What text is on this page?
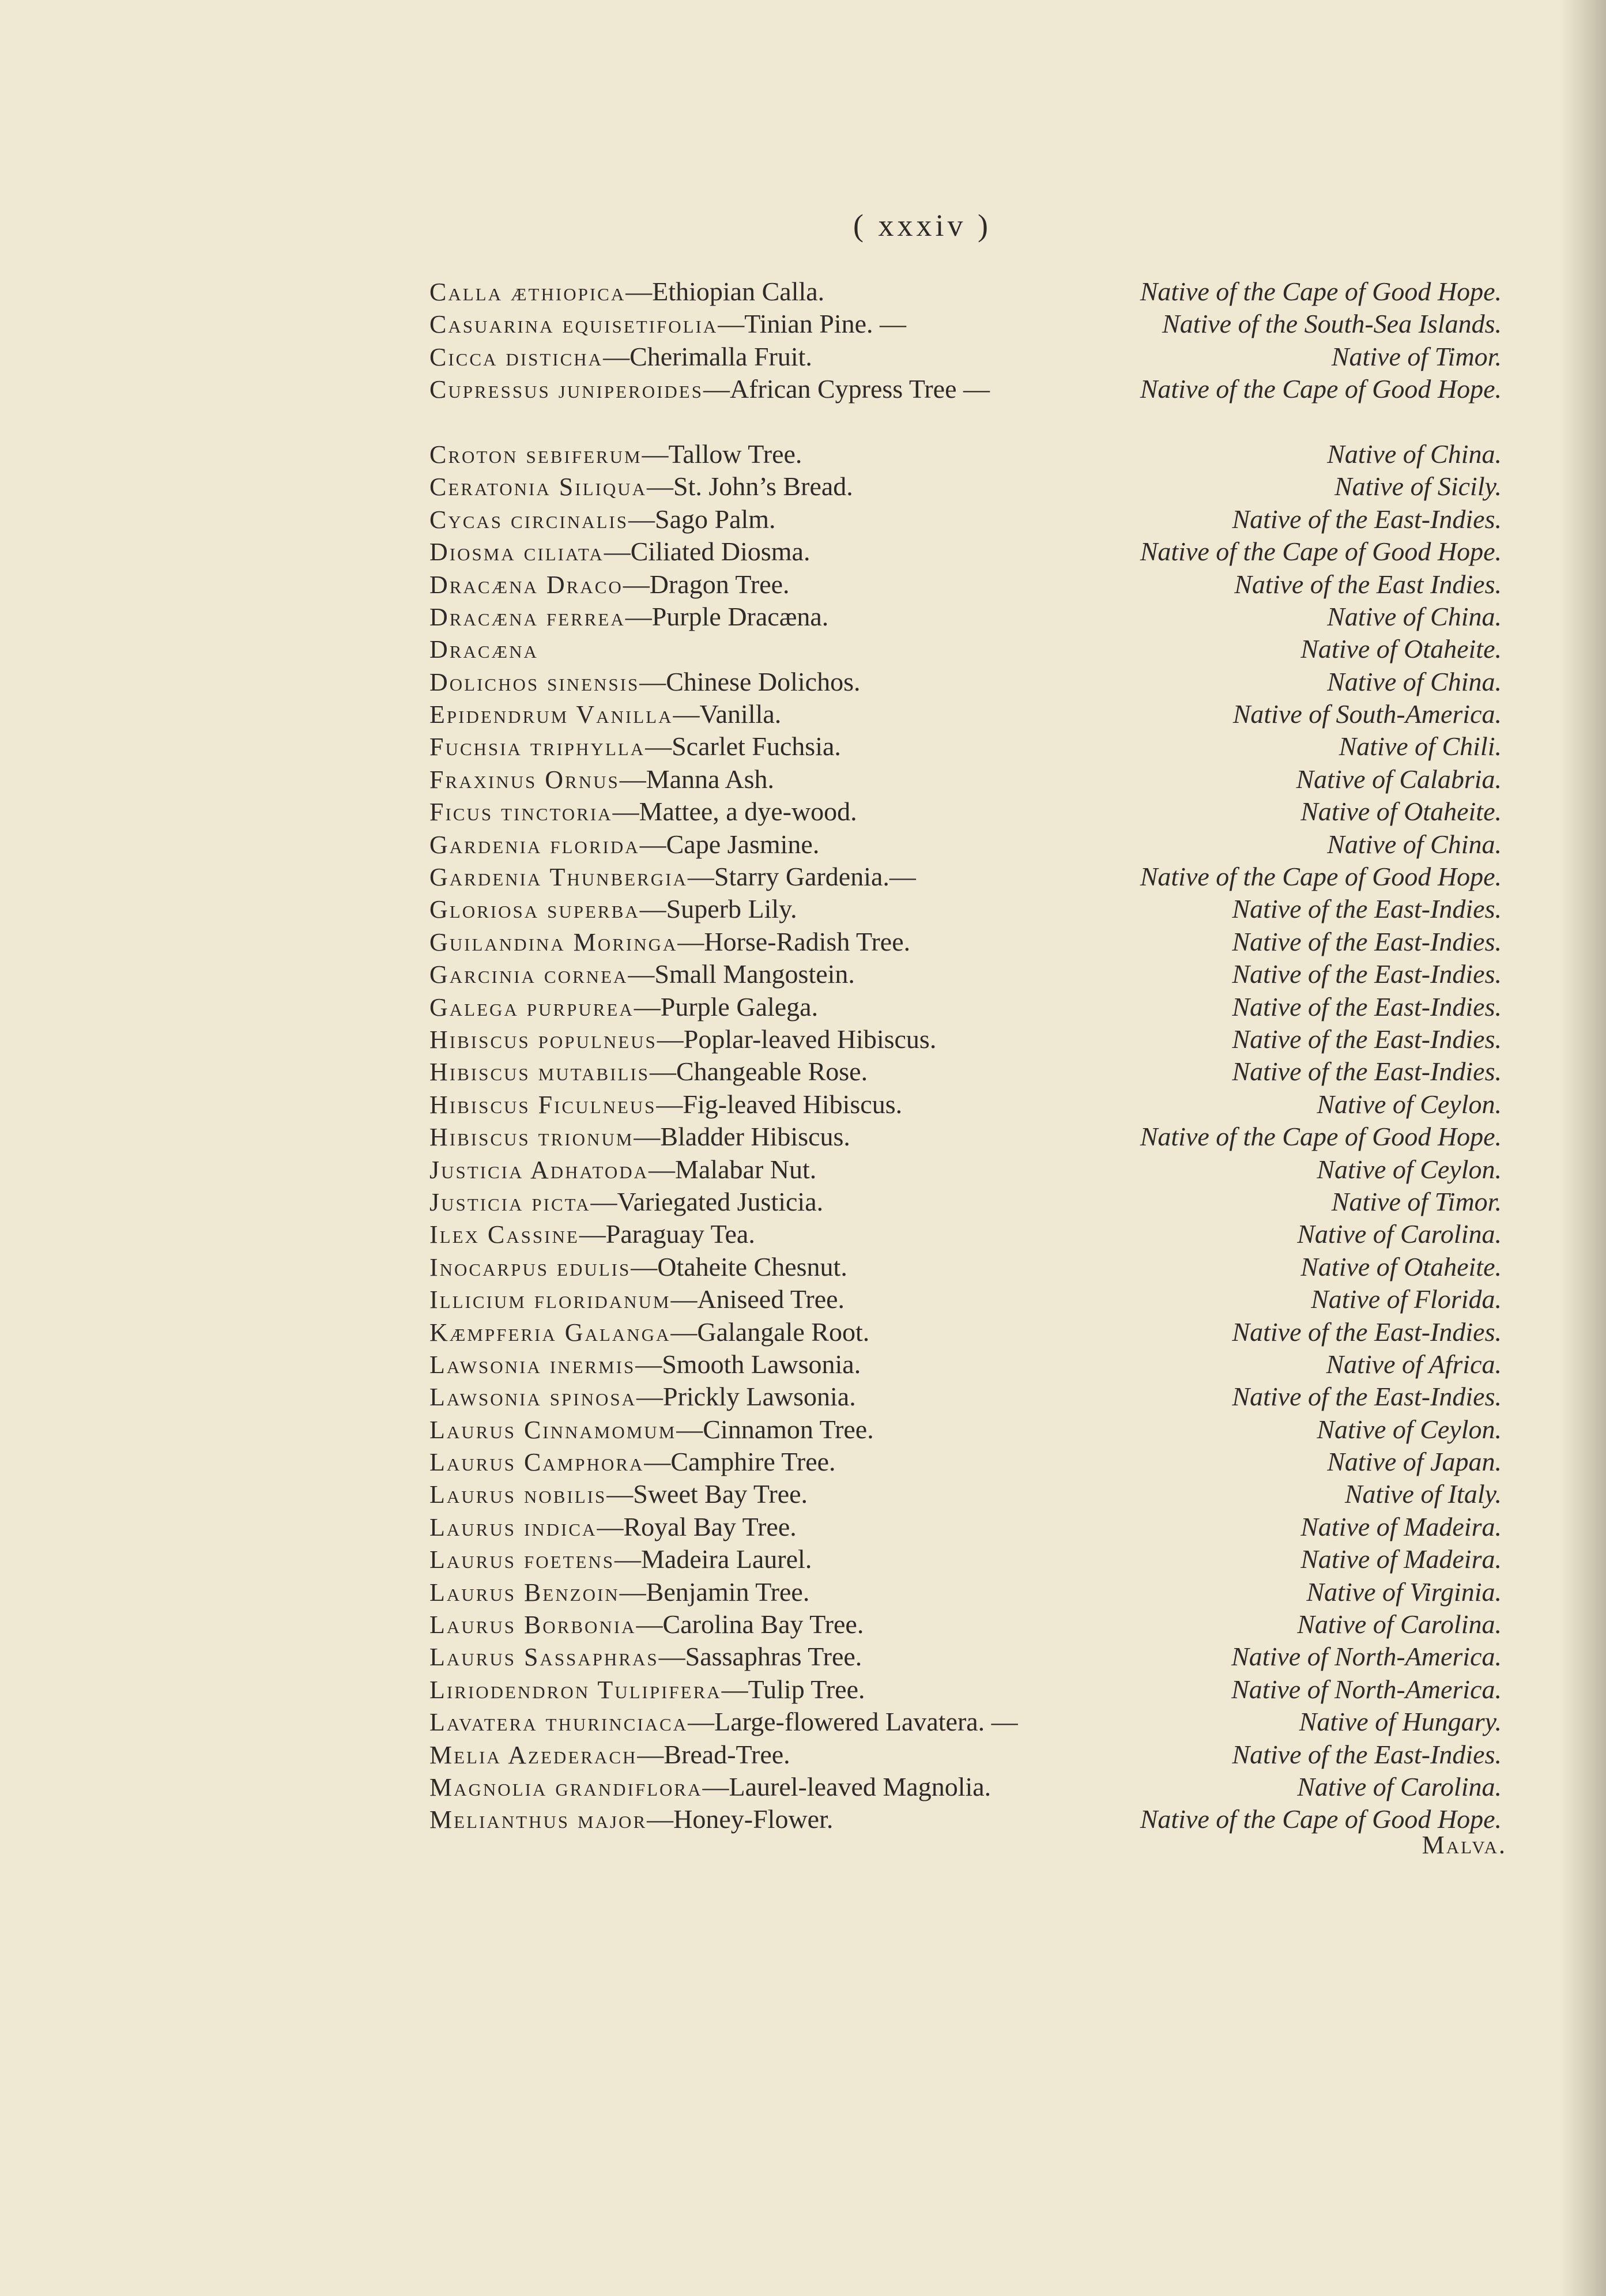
( xxxiv )
Calla æthiopica—Ethiopian Calla.	Native of the Cape of Good Hope.
Casuarina equisetifolia—Tinian Pine. —	Native of the South-Sea Islands.
Cicca disticha—Cherimalla Fruit.	Native of Timor.
Cupressus juniperoides—African Cypress Tree —	Native of the Cape of Good Hope.
Croton sebiferum—Tallow Tree.	Native of China.
Ceratonia Siliqua—St. John’s Bread.	Native of Sicily.
Cycas circinalis—Sago Palm.	Native of the East-Indies.
Diosma ciliata—Ciliated Diosma.	Native of the Cape of Good Hope.
Dracæna Draco—Dragon Tree.	Native of the East Indies.
Dracæna ferrea—Purple Dracæna.	Native of China.
Dracæna	Native of Otaheite.
Dolichos sinensis—Chinese Dolichos.	Native of China.
Epidendrum Vanilla—Vanilla.	Native of South-America.
Fuchsia triphylla—Scarlet Fuchsia.	Native of Chili.
Fraxinus Ornus—Manna Ash.	Native of Calabria.
Ficus tinctoria—Mattee, a dye-wood.	Native of Otaheite.
Gardenia florida—Cape Jasmine.	Native of China.
Gardenia Thunbergia—Starry Gardenia.—	Native of the Cape of Good Hope.
Gloriosa superba—Superb Lily.	Native of the East-Indies.
Guilandina Moringa—Horse-Radish Tree.	Native of the East-Indies.
Garcinia cornea—Small Mangostein.	Native of the East-Indies.
Galega purpurea—Purple Galega.	Native of the East-Indies.
Hibiscus populneus—Poplar-leaved Hibiscus.	Native of the East-Indies.
Hibiscus mutabilis—Changeable Rose.	Native of the East-Indies.
Hibiscus Ficulneus—Fig-leaved Hibiscus.	Native of Ceylon.
Hibiscus trionum—Bladder Hibiscus.	Native of the Cape of Good Hope.
Justicia Adhatoda—Malabar Nut.	Native of Ceylon.
Justicia picta—Variegated Justicia.	Native of Timor.
Ilex Cassine—Paraguay Tea.	Native of Carolina.
Inocarpus edulis—Otaheite Chesnut.	Native of Otaheite.
Illicium floridanum—Aniseed Tree.	Native of Florida.
Kæmpferia Galanga—Galangale Root.	Native of the East-Indies.
Lawsonia inermis—Smooth Lawsonia.	Native of Africa.
Lawsonia spinosa—Prickly Lawsonia.	Native of the East-Indies.
Laurus Cinnamomum—Cinnamon Tree.	Native of Ceylon.
Laurus Camphora—Camphire Tree.	Native of Japan.
Laurus nobilis—Sweet Bay Tree.	Native of Italy.
Laurus indica—Royal Bay Tree.	Native of Madeira.
Laurus foetens—Madeira Laurel.	Native of Madeira.
Laurus Benzoin—Benjamin Tree.	Native of Virginia.
Laurus Borbonia—Carolina Bay Tree.	Native of Carolina.
Laurus Sassaphras—Sassaphras Tree.	Native of North-America.
Liriodendron Tulipifera—Tulip Tree.	Native of North-America.
Lavatera thurinciaca—Large-flowered Lavatera. —	Native of Hungary.
Melia Azederach—Bread-Tree.	Native of the East-Indies.
Magnolia grandiflora—Laurel-leaved Magnolia.	Native of Carolina.
Melianthus major—Honey-Flower.	Native of the Cape of Good Hope.
Malva.
